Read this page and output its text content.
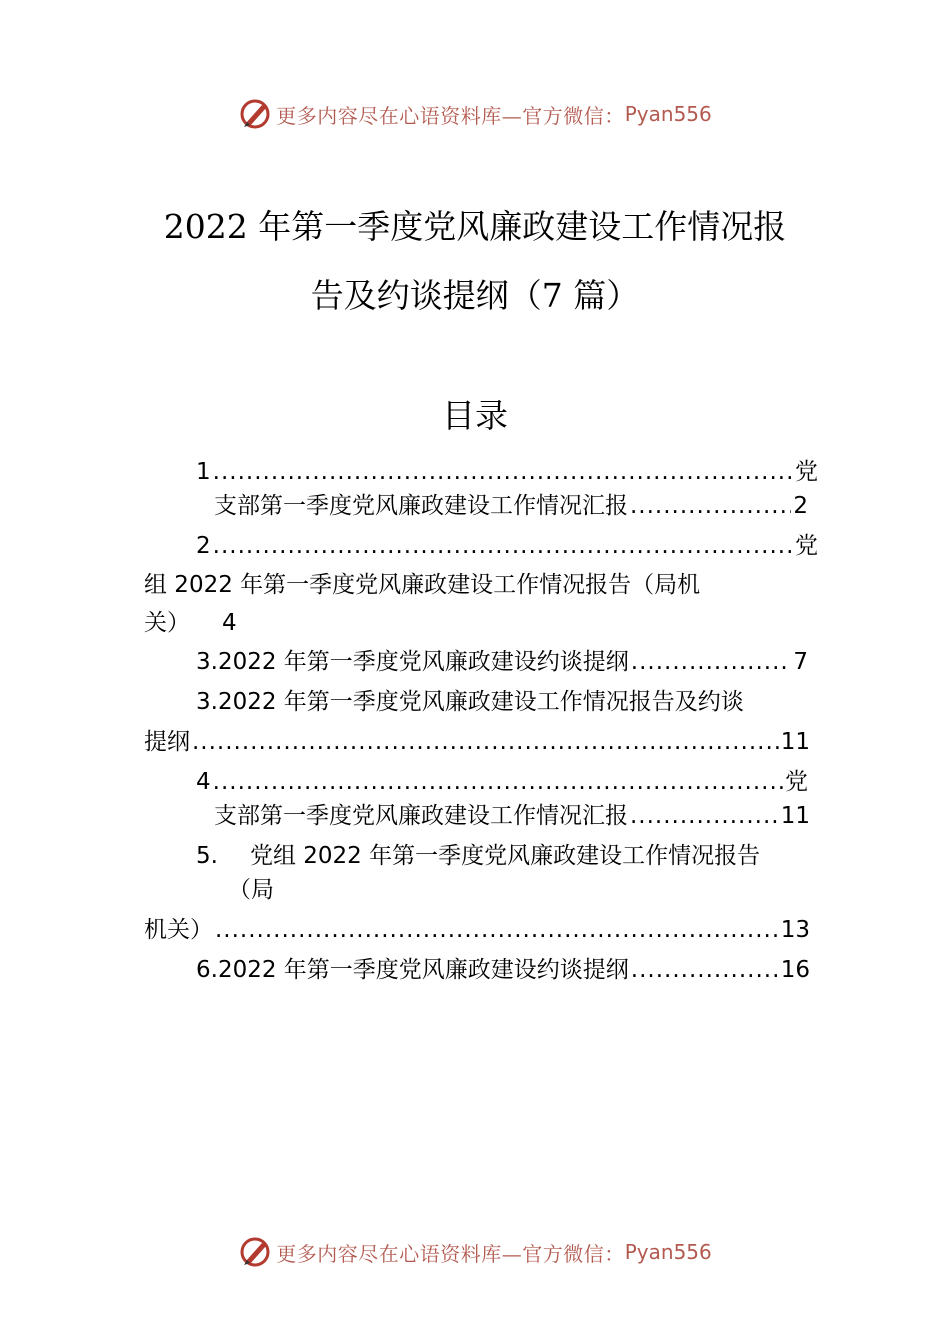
更多内容尽在心语资料库—官方微信： Pyan556
2022 年第一季度党风廉政建设工作情况报
告及约谈提纲（7 篇）
目录
1 .....	党
支部第一季度党风廉政建设工作情况汇报 .....	2
2 .....	党
组 2022 年第一季度党风廉政建设工作情况报告（局机
关） 4
3.2022 年第一季度党风廉政建设约谈提纲 .....	7
3.2022 年第一季度党风廉政建设工作情况报告及约谈
提纲 .....	11
4 .....	党
支部第一季度党风廉政建设工作情况汇报 .....	11
5. 党组 2022 年第一季度党风廉政建设工作情况报告
（局
机关） .....	13
6.2022 年第一季度党风廉政建设约谈提纲 .....	16
更多内容尽在心语资料库—官方微信： Pyan556
